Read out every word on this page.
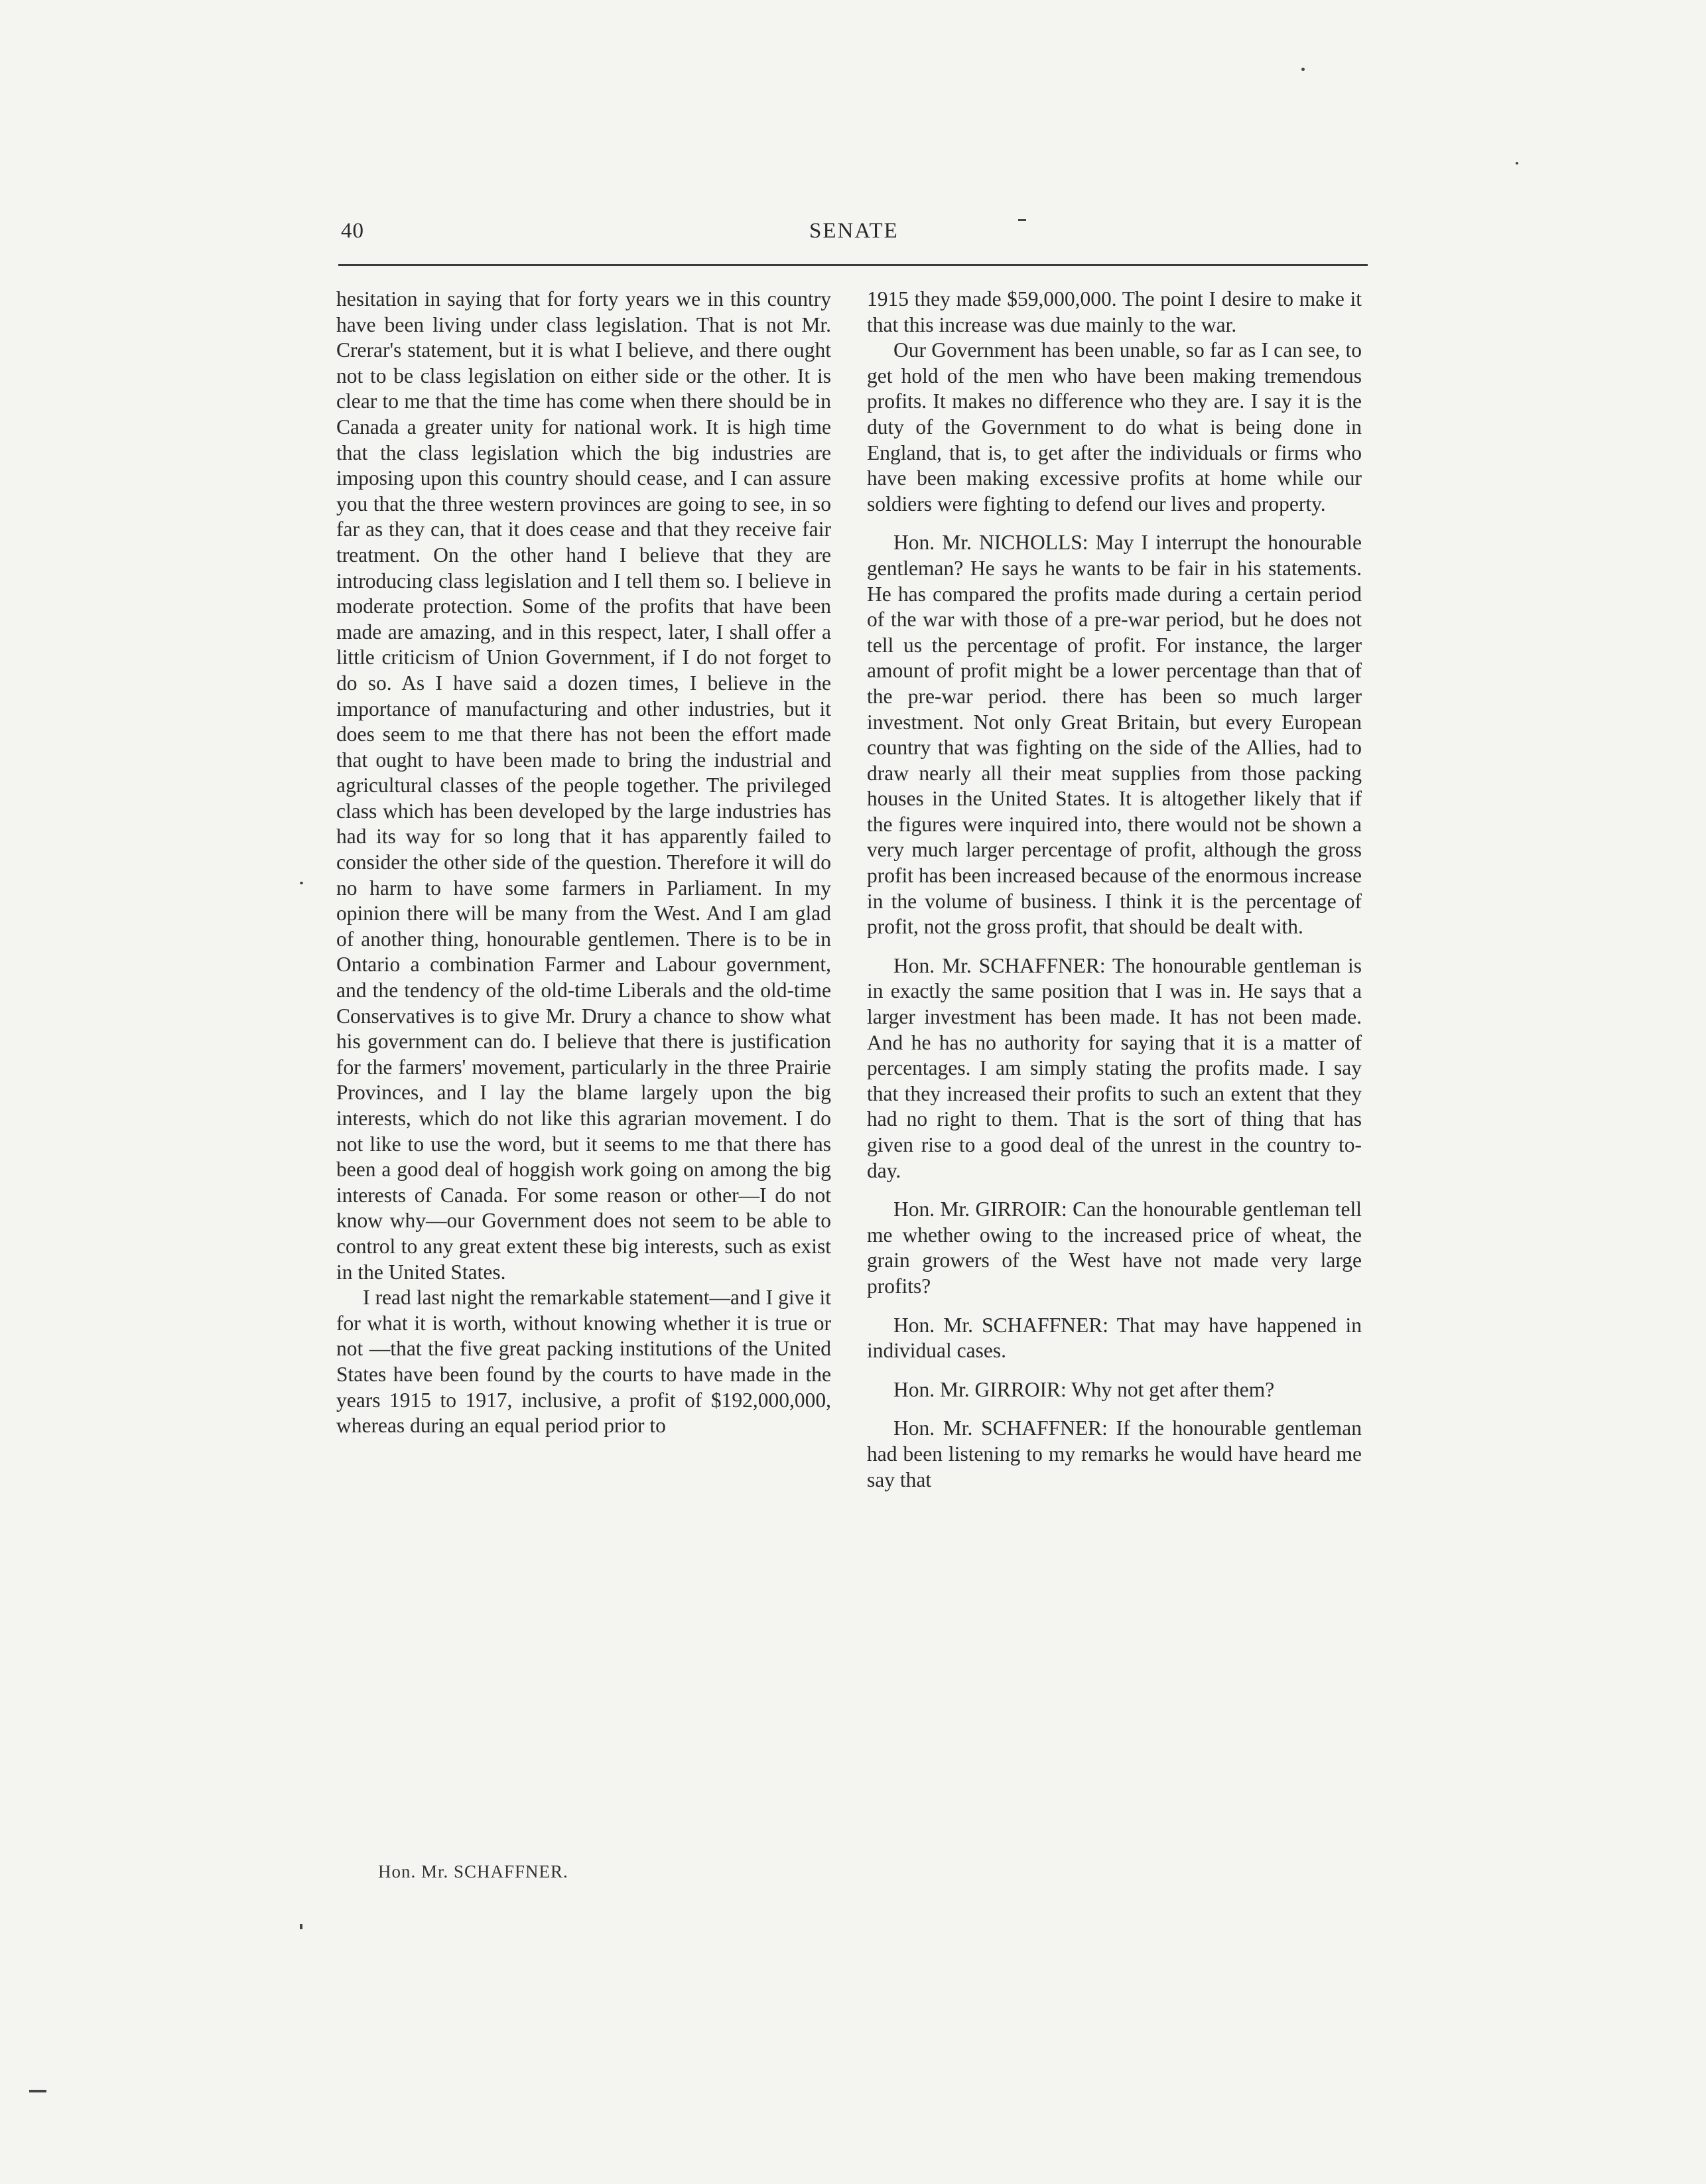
40	SENATE

hesitation in saying that for forty years we in this country have been living under class legislation. That is not Mr. Crerar's statement, but it is what I believe, and there ought not to be class legislation on either side or the other. It is clear to me that the time has come when there should be in Canada a greater unity for national work. It is high time that the class legislation which the big industries are imposing upon this country should cease, and I can assure you that the three western provinces are going to see, in so far as they can, that it does cease and that they receive fair treatment. On the other hand I believe that they are introducing class legislation and I tell them so. I believe in moderate protection. Some of the profits that have been made are amazing, and in this respect, later, I shall offer a little criticism of Union Government, if I do not forget to do so. As I have said a dozen times, I believe in the importance of manufacturing and other industries, but it does seem to me that there has not been the effort made that ought to have been made to bring the industrial and agricultural classes of the people together. The privileged class which has been developed by the large industries has had its way for so long that it has apparently failed to consider the other side of the question. Therefore it will do no harm to have some farmers in Parliament. In my opinion there will be many from the West. And I am glad of another thing, honourable gentlemen. There is to be in Ontario a combination Farmer and Labour government, and the tendency of the old-time Liberals and the old-time Conservatives is to give Mr. Drury a chance to show what his government can do. I believe that there is justification for the farmers' movement, particularly in the three Prairie Provinces, and I lay the blame largely upon the big interests, which do not like this agrarian movement. I do not like to use the word, but it seems to me that there has been a good deal of hoggish work going on among the big interests of Canada. For some reason or other—I do not know why—our Government does not seem to be able to control to any great extent these big interests, such as exist in the United States.

I read last night the remarkable statement—and I give it for what it is worth, without knowing whether it is true or not —that the five great packing institutions of the United States have been found by the courts to have made in the years 1915 to 1917, inclusive, a profit of $192,000,000, whereas during an equal period prior to

1915 they made $59,000,000. The point I desire to make it that this increase was due mainly to the war.

Our Government has been unable, so far as I can see, to get hold of the men who have been making tremendous profits. It makes no difference who they are. I say it is the duty of the Government to do what is being done in England, that is, to get after the individuals or firms who have been making excessive profits at home while our soldiers were fighting to defend our lives and property.

Hon. Mr. NICHOLLS: May I interrupt the honourable gentleman? He says he wants to be fair in his statements. He has compared the profits made during a certain period of the war with those of a pre-war period, but he does not tell us the percentage of profit. For instance, the larger amount of profit might be a lower percentage than that of the pre-war period. there has been so much larger investment. Not only Great Britain, but every European country that was fighting on the side of the Allies, had to draw nearly all their meat supplies from those packing houses in the United States. It is altogether likely that if the figures were inquired into, there would not be shown a very much larger percentage of profit, although the gross profit has been increased because of the enormous increase in the volume of business. I think it is the percentage of profit, not the gross profit, that should be dealt with.

Hon. Mr. SCHAFFNER: The honourable gentleman is in exactly the same position that I was in. He says that a larger investment has been made. It has not been made. And he has no authority for saying that it is a matter of percentages. I am simply stating the profits made. I say that they increased their profits to such an extent that they had no right to them. That is the sort of thing that has given rise to a good deal of the unrest in the country to-day.

Hon. Mr. GIRROIR: Can the honourable gentleman tell me whether owing to the increased price of wheat, the grain growers of the West have not made very large profits?

Hon. Mr. SCHAFFNER: That may have happened in individual cases.

Hon. Mr. GIRROIR: Why not get after them?

Hon. Mr. SCHAFFNER: If the honourable gentleman had been listening to my remarks he would have heard me say that

Hon. Mr. SCHAFFNER.
